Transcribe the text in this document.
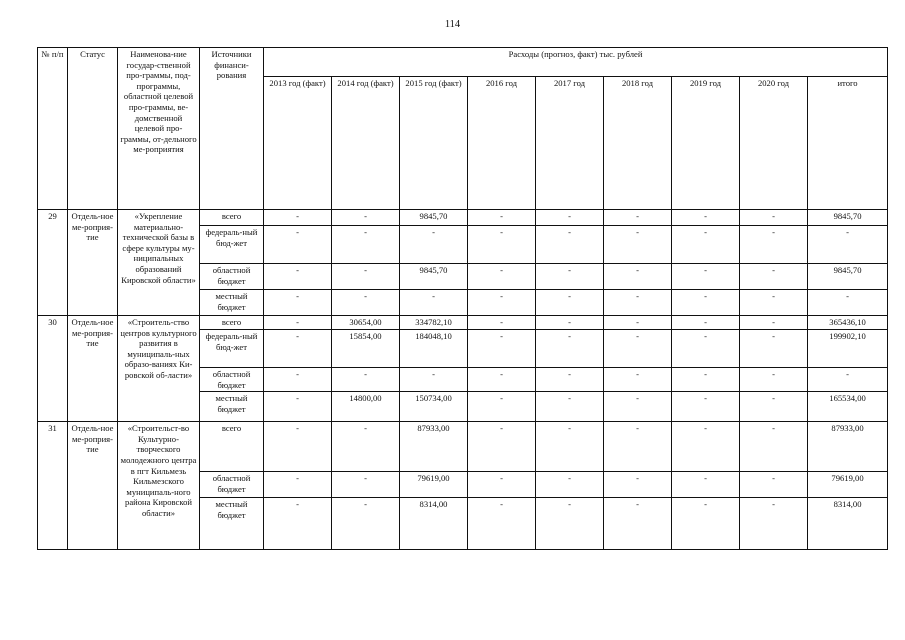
114
№ п/п	Статус	Наименова-ние государ-ственной про-граммы, под-программы, областной целевой про-граммы, ве-домственной целевой про-граммы, от-дельного ме-роприятия	Источники финанси-рования	Расходы (прогноз, факт) тыс. рублей								
				2013 год (факт)	2014 год (факт)	2015 год (факт)	2016 год	2017 год	2018 год	2019 год	2020 год	итого
29	Отдель-ное ме-роприя-тие	«Укрепление материально-технической базы в сфере культуры му-ниципальных образований Кировской области»	всего	-	-	9845,70	-	-	-	-	-	9845,70
			федераль-ный бюд-жет	-	-	-	-	-	-	-	-	-
			областной бюджет	-	-	9845,70	-	-	-	-	-	9845,70
			местный бюджет	-	-	-	-	-	-	-	-	-
30	Отдель-ное ме-роприя-тие	«Строитель-ство центров культурного развития в муниципаль-ных образо-ваниях Ки-ровской об-ласти»	всего	-	30654,00	334782,10	-	-	-	-	-	365436,10
			федераль-ный бюд-жет	-	15854,00	184048,10	-	-	-	-	-	199902,10
			областной бюджет	-	-	-	-	-	-	-	-	-
			местный бюджет	-	14800,00	150734,00	-	-	-	-	-	165534,00
31	Отдель-ное ме-роприя-тие	«Строительст-во Культурно-творческого молодежного центра в пгт Кильмезь Кильмезского муниципаль-ного района Кировской области»	всего	-	-	87933,00	-	-	-	-	-	87933,00
			областной бюджет	-	-	79619,00	-	-	-	-	-	79619,00
			местный бюджет	-	-	8314,00	-	-	-	-	-	8314,00
